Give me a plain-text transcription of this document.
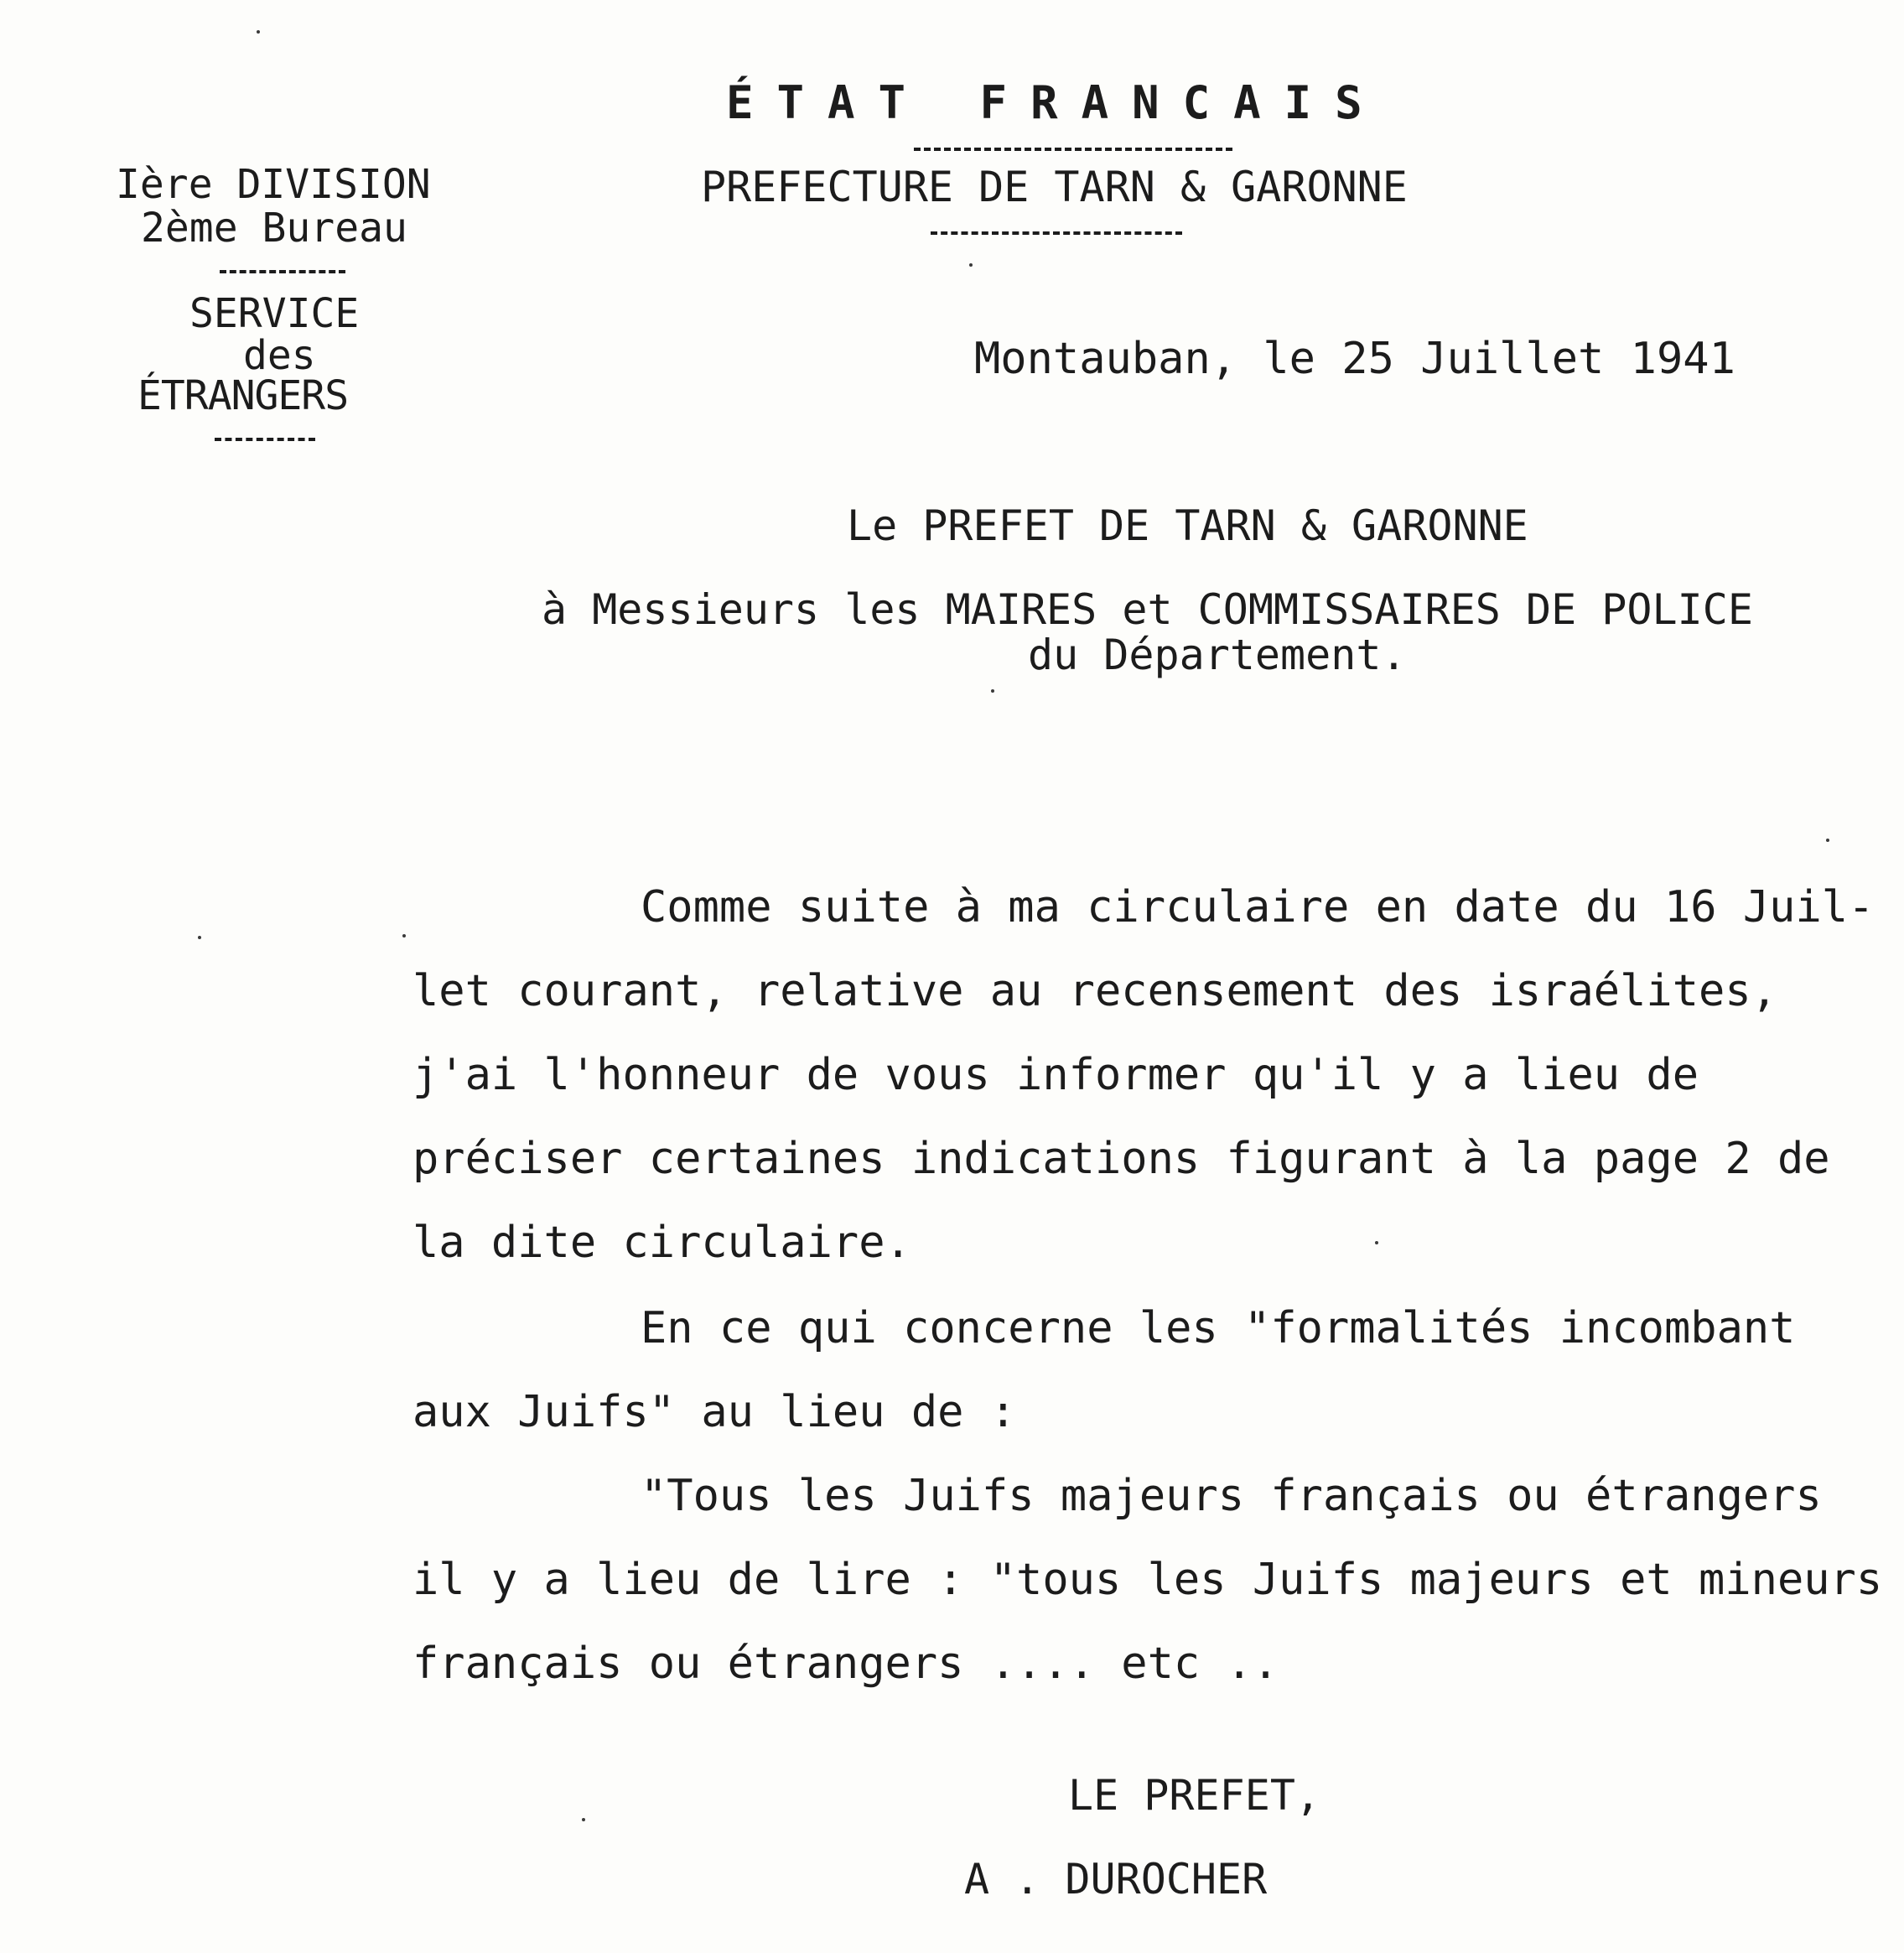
ÉTAT FRANCAIS
PREFECTURE DE TARN & GARONNE
Ière DIVISION
2ème Bureau
SERVICE
des
ÉTRANGERS
Montauban, le 25 Juillet 1941
Le PREFET DE TARN & GARONNE
à Messieurs les MAIRES et COMMISSAIRES DE POLICE
du Département.
Comme suite à ma circulaire en date du 16 Juil-
let courant, relative au recensement des israélites,
j'ai l'honneur de vous informer qu'il y a lieu de
préciser certaines indications figurant à la page 2 de
la dite circulaire.
En ce qui concerne les "formalités incombant
aux Juifs" au lieu de :
"Tous les Juifs majeurs français ou étrangers
il y a lieu de lire : "tous les Juifs majeurs et mineurs
français ou étrangers .... etc ..
LE PREFET,
A . DUROCHER
